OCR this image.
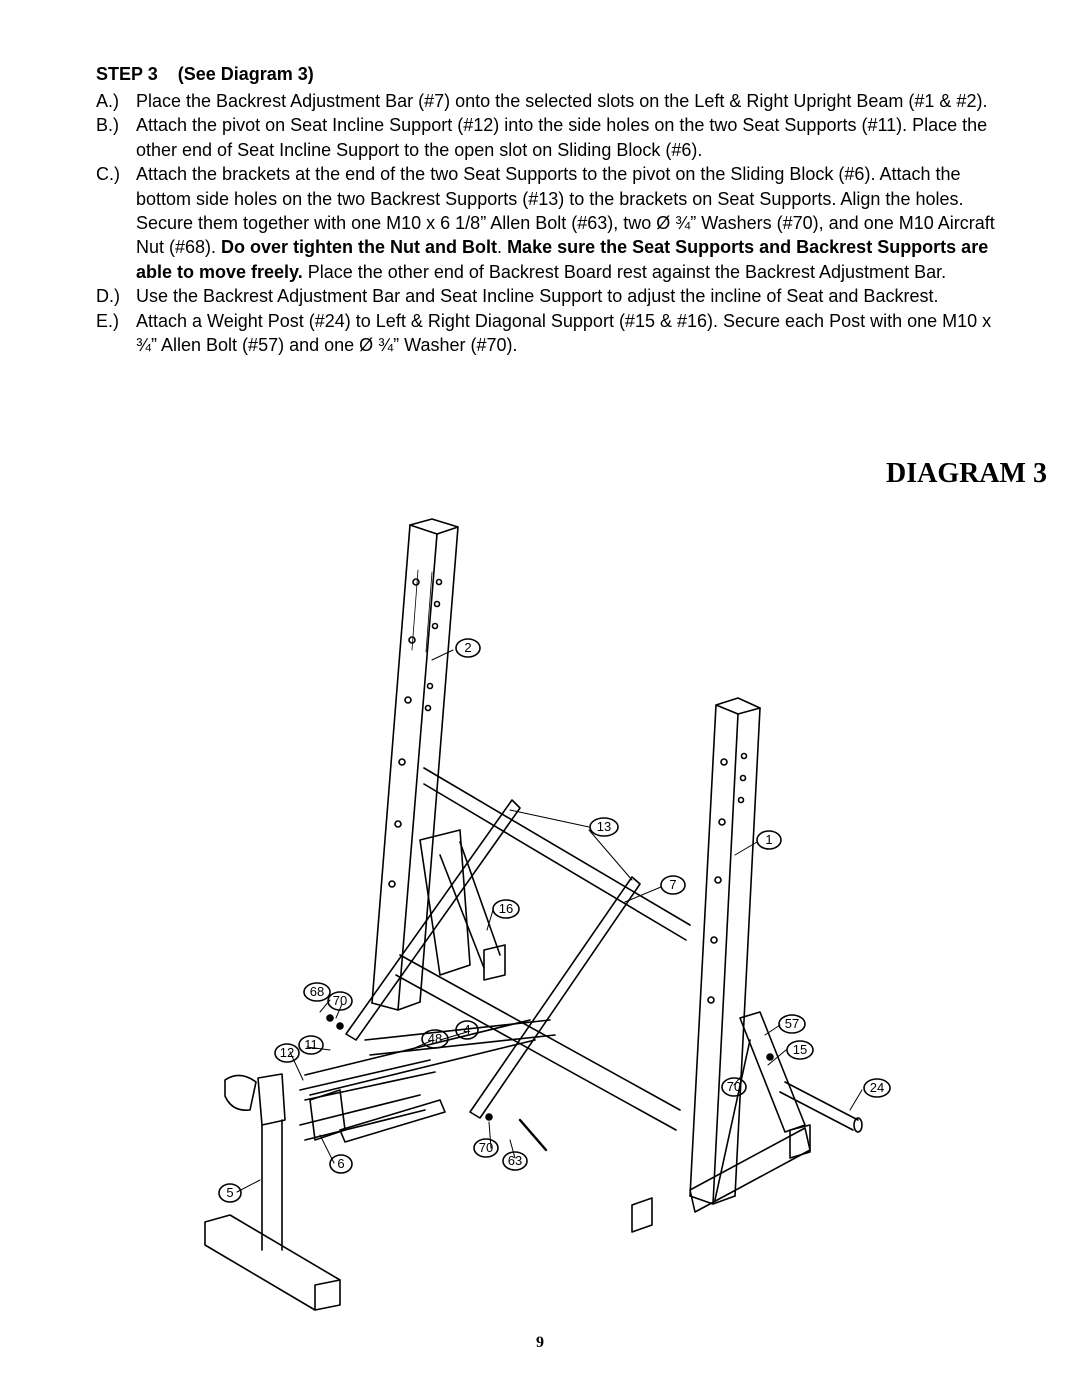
STEP 3 (See Diagram 3)
A.) Place the Backrest Adjustment Bar (#7) onto the selected slots on the Left & Right Upright Beam (#1 & #2).
B.) Attach the pivot on Seat Incline Support (#12) into the side holes on the two Seat Supports (#11). Place the other end of Seat Incline Support to the open slot on Sliding Block (#6).
C.) Attach the brackets at the end of the two Seat Supports to the pivot on the Sliding Block (#6). Attach the bottom side holes on the two Backrest Supports (#13) to the brackets on Seat Supports. Align the holes. Secure them together with one M10 x 6 1/8” Allen Bolt (#63), two Ø ¾” Washers (#70), and one M10 Aircraft Nut (#68). Do over tighten the Nut and Bolt. Make sure the Seat Supports and Backrest Supports are able to move freely. Place the other end of Backrest Board rest against the Backrest Adjustment Bar.
D.) Use the Backrest Adjustment Bar and Seat Incline Support to adjust the incline of Seat and Backrest.
E.) Attach a Weight Post (#24) to Left & Right Diagonal Support (#15 & #16). Secure each Post with one M10 x ¾” Allen Bolt (#57) and one Ø ¾” Washer (#70).
DIAGRAM 3
2
13
1
7
16
68
70
11
12
48
4	57
15
70	24
70
63
6
5
9
